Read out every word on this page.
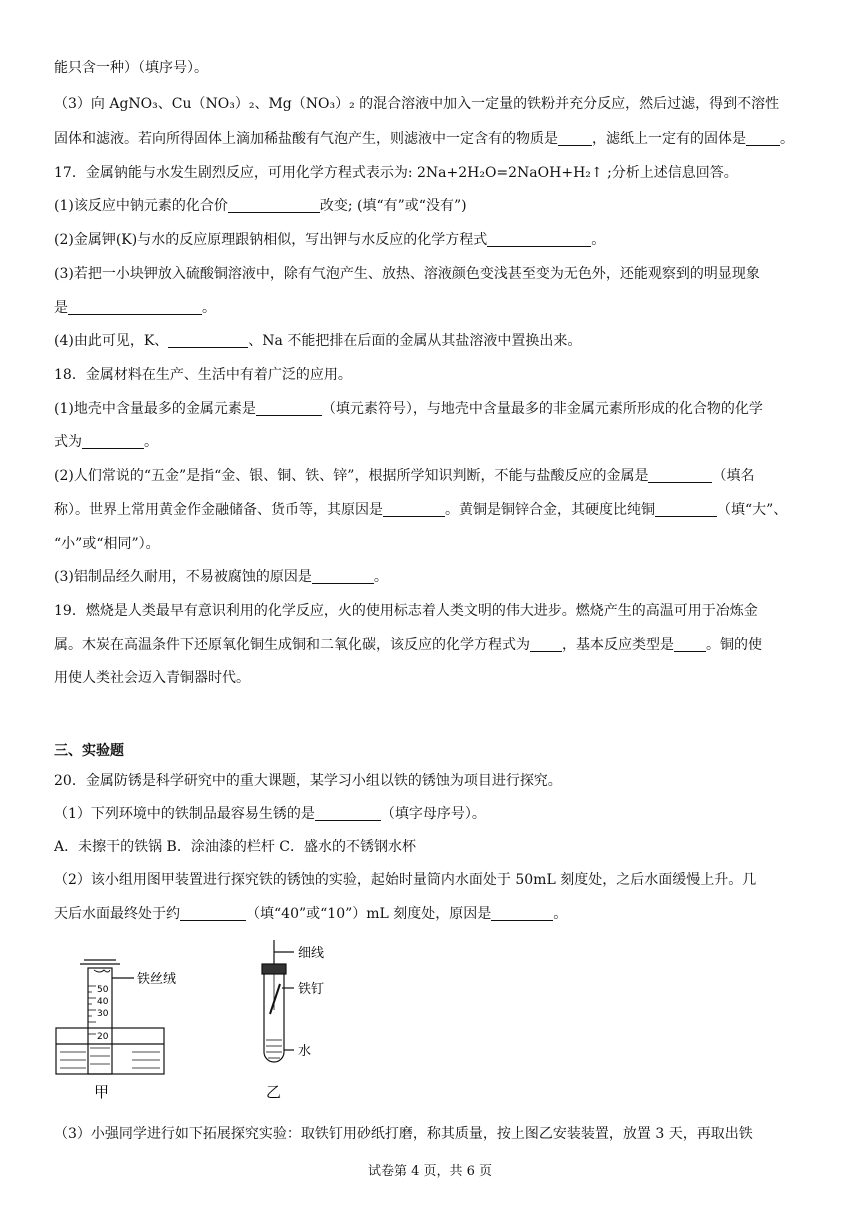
能只含一种）（填序号）。
（3）向 AgNO₃、Cu（NO₃）₂、Mg（NO₃）₂ 的混合溶液中加入一定量的铁粉并充分反应，然后过滤，得到不溶性
固体和滤液。若向所得固体上滴加稀盐酸有气泡产生，则滤液中一定含有的物质是 ，滤纸上一定有的固体是 。
17．金属钠能与水发生剧烈反应，可用化学方程式表示为: 2Na+2H₂O=2NaOH+H₂↑ ;分析上述信息回答。
(1)该反应中钠元素的化合价	改变; (填“有”或“没有”)
(2)金属钾(K)与水的反应原理跟钠相似，写出钾与水反应的化学方程式	。
(3)若把一小块钾放入硫酸铜溶液中，除有气泡产生、放热、溶液颜色变浅甚至变为无色外，还能观察到的明显现象
是	。
(4)由此可见，K、	、Na 不能把排在后面的金属从其盐溶液中置换出来。
18．金属材料在生产、生活中有着广泛的应用。
(1)地壳中含量最多的金属元素是	（填元素符号），与地壳中含量最多的非金属元素所形成的化合物的化学
式为	。
(2)人们常说的“五金”是指“金、银、铜、铁、锌”，根据所学知识判断，不能与盐酸反应的金属是	（填名
称）。世界上常用黄金作金融储备、货币等，其原因是	。黄铜是铜锌合金，其硬度比纯铜	（填“大”、
“小”或“相同”）。
(3)铝制品经久耐用，不易被腐蚀的原因是	。
19．燃烧是人类最早有意识利用的化学反应，火的使用标志着人类文明的伟大进步。燃烧产生的高温可用于冶炼金
属。木炭在高温条件下还原氧化铜生成铜和二氧化碳，该反应的化学方程式为 ，基本反应类型是 。铜的使
用使人类社会迈入青铜器时代。
三、实验题
20．金属防锈是科学研究中的重大课题，某学习小组以铁的锈蚀为项目进行探究。
（1）下列环境中的铁制品最容易生锈的是	（填字母序号）。
A．未擦干的铁锅 B．涂油漆的栏杆 C．盛水的不锈钢水杯
（2）该小组用图甲装置进行探究铁的锈蚀的实验，起始时量筒内水面处于 50mL 刻度处，之后水面缓慢上升。几
天后水面最终处于约	（填“40”或“10”）mL 刻度处，原因是	。
50
40
30
20
铁丝绒
甲
细线
铁钉
水
乙
（3）小强同学进行如下拓展探究实验：取铁钉用砂纸打磨，称其质量，按上图乙安装装置，放置 3 天，再取出铁
试卷第 4 页，共 6 页
